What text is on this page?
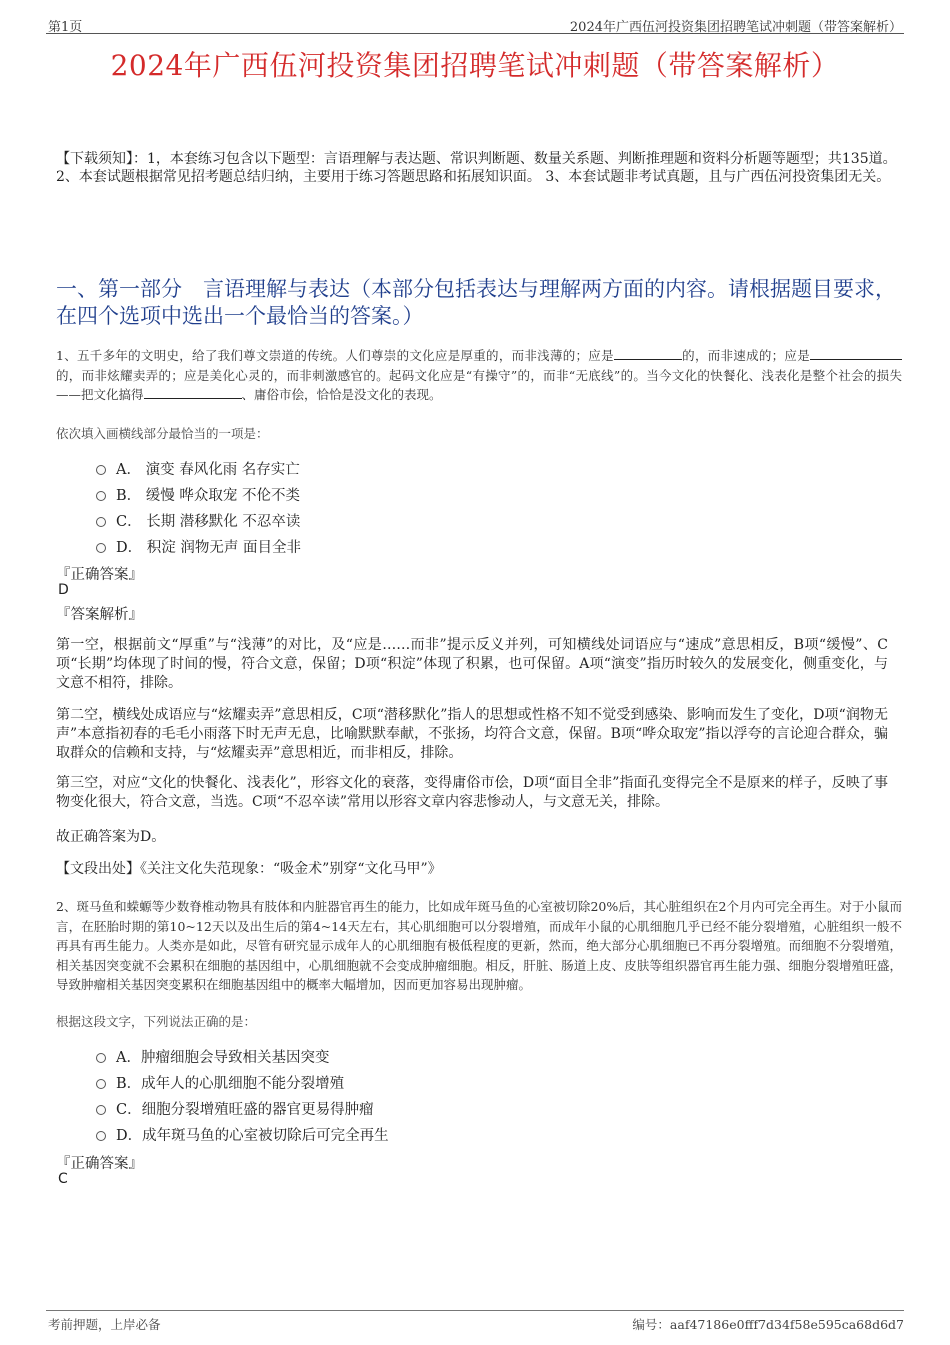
第1页	2024年广西伍河投资集团招聘笔试冲刺题（带答案解析）
2024年广西伍河投资集团招聘笔试冲刺题（带答案解析）
【下载须知】：1，本套练习包含以下题型：言语理解与表达题、常识判断题、数量关系题、判断推理题和资料分析题等题型；共135道。 2、本套试题根据常见招考题总结归纳，主要用于练习答题思路和拓展知识面。 3、本套试题非考试真题，且与广西伍河投资集团无关。
一、第一部分　言语理解与表达（本部分包括表达与理解两方面的内容。请根据题目要求，在四个选项中选出一个最恰当的答案。）
1、五千多年的文明史，给了我们尊文崇道的传统。人们尊崇的文化应是厚重的，而非浅薄的；应是	的，而非速成的；应是的，而非炫耀卖弄的；应是美化心灵的，而非刺激感官的。起码文化应是“有操守”的，而非“无底线”的。当今文化的快餐化、浅表化是整个社会的损失——把文化搞得	、庸俗市侩，恰恰是没文化的表现。
依次填入画横线部分最恰当的一项是：
A． 演变 春风化雨 名存实亡
B． 缓慢 哗众取宠 不伦不类
C． 长期 潜移默化 不忍卒读
D． 积淀 润物无声 面目全非
『正确答案』
D
『答案解析』
第一空，根据前文“厚重”与“浅薄”的对比，及“应是……而非”提示反义并列，可知横线处词语应与“速成”意思相反，B项“缓慢”、C项“长期”均体现了时间的慢，符合文意，保留；D项“积淀”体现了积累，也可保留。A项“演变”指历时较久的发展变化，侧重变化，与文意不相符，排除。
第二空，横线处成语应与“炫耀卖弄”意思相反，C项“潜移默化”指人的思想或性格不知不觉受到感染、影响而发生了变化，D项“润物无声”本意指初春的毛毛小雨落下时无声无息，比喻默默奉献，不张扬，均符合文意，保留。B项“哗众取宠”指以浮夸的言论迎合群众，骗取群众的信赖和支持，与“炫耀卖弄”意思相近，而非相反，排除。
第三空，对应“文化的快餐化、浅表化”，形容文化的衰落，变得庸俗市侩，D项“面目全非”指面孔变得完全不是原来的样子，反映了事物变化很大，符合文意，当选。C项“不忍卒读”常用以形容文章内容悲惨动人，与文意无关，排除。
故正确答案为D。
【文段出处】《关注文化失范现象：“吸金术”别穿“文化马甲”》
2、斑马鱼和蝾螈等少数脊椎动物具有肢体和内脏器官再生的能力，比如成年斑马鱼的心室被切除20%后，其心脏组织在2个月内可完全再生。对于小鼠而言，在胚胎时期的第10~12天以及出生后的第4~14天左右，其心肌细胞可以分裂增殖，而成年小鼠的心肌细胞几乎已经不能分裂增殖，心脏组织一般不再具有再生能力。人类亦是如此，尽管有研究显示成年人的心肌细胞有极低程度的更新，然而，绝大部分心肌细胞已不再分裂增殖。而细胞不分裂增殖，相关基因突变就不会累积在细胞的基因组中，心肌细胞就不会变成肿瘤细胞。相反，肝脏、肠道上皮、皮肤等组织器官再生能力强、细胞分裂增殖旺盛，导致肿瘤相关基因突变累积在细胞基因组中的概率大幅增加，因而更加容易出现肿瘤。
根据这段文字，下列说法正确的是：
A．肿瘤细胞会导致相关基因突变
B．成年人的心肌细胞不能分裂增殖
C．细胞分裂增殖旺盛的器官更易得肿瘤
D．成年斑马鱼的心室被切除后可完全再生
『正确答案』
C
考前押题，上岸必备	编号：aaf47186e0fff7d34f58e595ca68d6d7
